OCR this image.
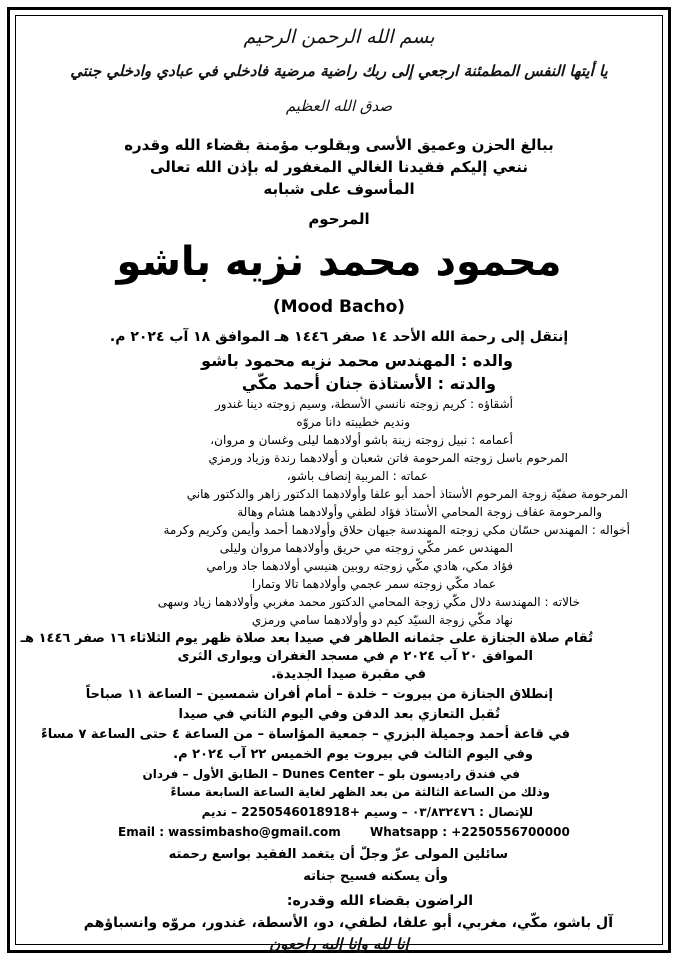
بسم الله الرحمن الرحيم
يا أيتها النفس المطمئنة ارجعي إلى ربك راضية مرضية فادخلي في عبادي وادخلي جنتي
صدق الله العظيم
ببالغ الحزن وعميق الأسى وبقلوب مؤمنة بقضاء الله وقدره
ننعي إليكم فقيدنا الغالي المغفور له بإذن الله تعالى
المأسوف على شبابه
المرحوم
محمود محمد نزيه باشو
(Mood Bacho)
إنتقل إلى رحمة الله الأحد ١٤ صفر ١٤٤٦ هـ الموافق ١٨ آب ٢٠٢٤ م.
والده : المهندس محمد نزيه محمود باشو
والدته : الأستاذة جنان أحمد مكّي
أشقاؤه : كريم زوجته نانسي الأسطة، وسيم زوجته دينا غندور
ونديم خطيبته دانا مروّه
أعمامه : نبيل زوجته زينة باشو أولادهما ليلى وغسان و مروان،
المرحوم باسل زوجته المرحومة فاتن شعبان و أولادهما رندة وزياد ورمزي
عماته : المربية إنصاف باشو،
المرحومة صفيّة زوجة المرحوم الأستاذ أحمد أبو علفا وأولادهما الدكتور زاهر والدكتور هاني
والمرحومة عفاف زوجة المحامي الأستاذ فؤاد لطفي وأولادهما هشام وهالة
أخواله : المهندس حسّان مكي زوجته المهندسة جيهان حلاق وأولادهما أحمد وأيمن وكريم وكرمة
المهندس عمر مكّي زوجته مي حريق وأولادهما مروان وليلى
فؤاد مكي، هادي مكّي زوجته روبين هنيسي أولادهما جاد ورامي
عماد مكّي زوجته سمر عجمي وأولادهما تالا وتمارا
خالاته : المهندسة دلال مكّي زوجة المحامي الدكتور محمد مغربي وأولادهما زياد وسهى
نهاد مكّي زوجة السيّد كيم دو وأولادهما سامي ورمزي
تُقام صلاة الجنازة على جثمانه الطاهر في صيدا بعد صلاة ظهر يوم الثلاثاء ١٦ صفر ١٤٤٦ هـ
الموافق ٢٠ آب ٢٠٢٤ م في مسجد الغفران ويوارى الثرى
في مقبرة صيدا الجديدة.
إنطلاق الجنازة من بيروت – خلدة – أمام أفران شمسين – الساعة ١١ صباحاً
تُقبل التعازي بعد الدفن وفي اليوم الثاني في صيدا
في قاعة أحمد وجميلة البزري – جمعية المؤاساة – من الساعة ٤ حتى الساعة ٧ مساءً
وفي اليوم الثالث في بيروت يوم الخميس ٢٢ آب ٢٠٢٤ م.
في فندق راديسون بلو – Dunes Center – الطابق الأول – فردان
وذلك من الساعة الثالثة من بعد الظهر لغاية الساعة السابعة مساءً
للإتصال : ٠٣/٨٣٢٤٧٦ – وسيم +2250546018918 – نديم
Email : wassimbasho@gmail.com Whatsapp : +2250556700000
سائلين المولى عزّ وجلّ أن يتغمد الفقيد بواسع رحمته
وأن يسكنه فسيح جناته
الراضون بقضاء الله وقدره:
آل باشو، مكّي، مغربي، أبو علفا، لطفي، دو، الأسطة، غندور، مروّه وانسباؤهم
إنا لله وإنا إليه راجعون
